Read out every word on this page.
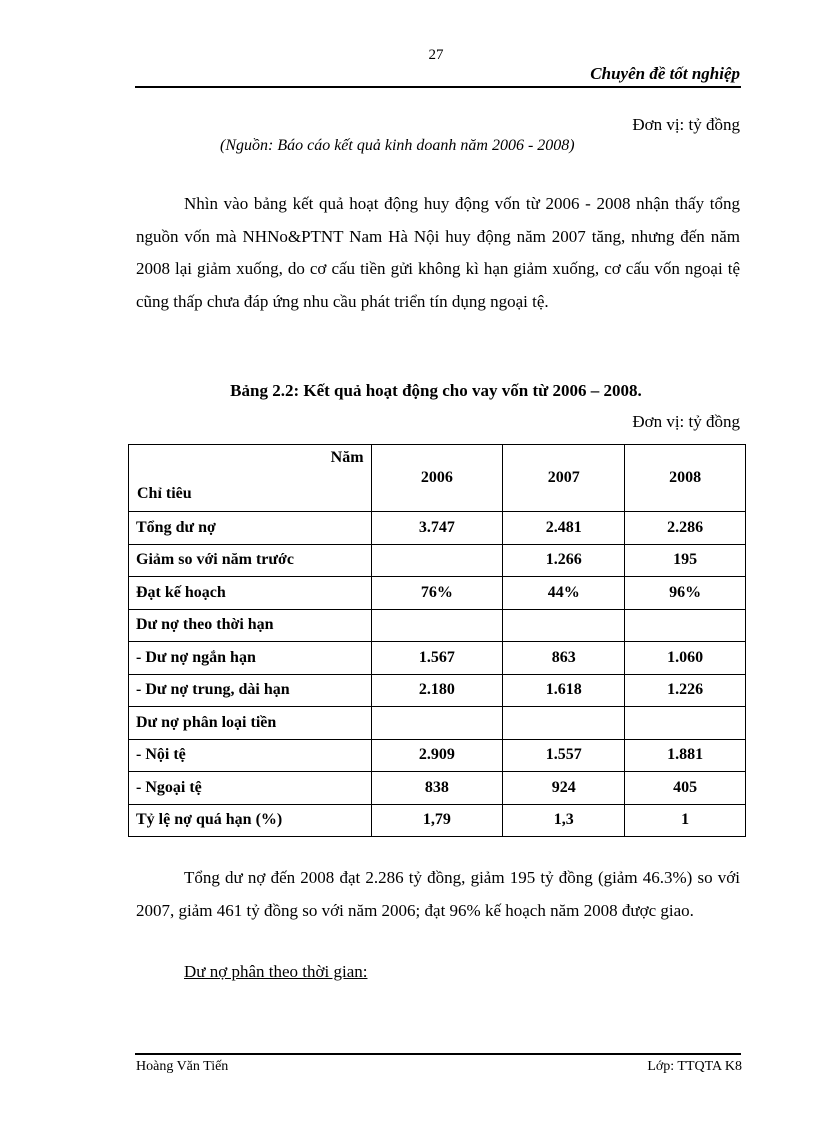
27
Chuyên đề tốt nghiệp
Đơn vị: tỷ đồng
(Nguồn: Báo cáo kết quả kinh doanh năm 2006 - 2008)

Nhìn vào bảng kết quả hoạt động huy động vốn từ 2006 - 2008 nhận thấy tổng nguồn vốn mà NHNo&PTNT Nam Hà Nội huy động năm 2007 tăng, nhưng đến năm 2008 lại giảm xuống, do cơ cấu tiền gửi không kì hạn giảm xuống, cơ cấu vốn ngoại tệ cũng thấp chưa đáp ứng nhu cầu phát triển tín dụng ngoại tệ.

Bảng 2.2: Kết quả hoạt động cho vay vốn từ 2006 – 2008.
Đơn vị: tỷ đồng
Năm
Chỉ tiêu	2006	2007	2008
Tổng dư nợ	3.747	2.481	2.286
Giảm so với năm trước		1.266	195
Đạt kế hoạch	76%	44%	96%
Dư nợ theo thời hạn			
- Dư nợ ngắn hạn	1.567	863	1.060
- Dư nợ trung, dài hạn	2.180	1.618	1.226
Dư nợ phân loại tiền			
- Nội tệ	2.909	1.557	1.881
- Ngoại tệ	838	924	405
Tỷ lệ nợ quá hạn (%)	1,79	1,3	1

Tổng dư nợ đến 2008 đạt 2.286 tỷ đồng, giảm 195 tỷ đồng (giảm 46.3%) so với 2007, giảm 461 tỷ đồng so với năm 2006; đạt 96% kế hoạch năm 2008 được giao.

Dư nợ phân theo thời gian:
Hoàng Văn Tiến	Lớp: TTQTA K8
